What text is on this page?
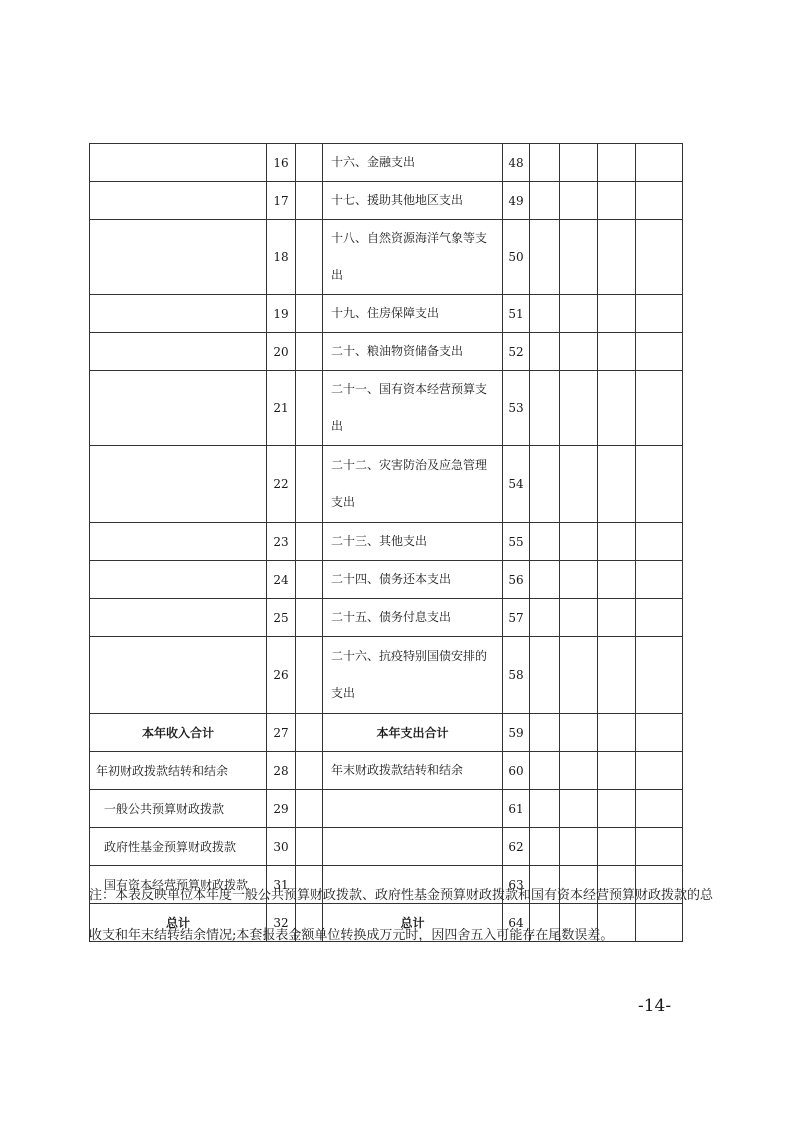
	16		十六、金融支出	48				
	17		十七、援助其他地区支出	49				
	18		十八、自然资源海洋气象等支出	50				
	19		十九、住房保障支出	51				
	20		二十、粮油物资储备支出	52				
	21		二十一、国有资本经营预算支出	53				
	22		二十二、灾害防治及应急管理支出	54				
	23		二十三、其他支出	55				
	24		二十四、债务还本支出	56				
	25		二十五、债务付息支出	57				
	26		二十六、抗疫特别国债安排的支出	58				
本年收入合计	27		本年支出合计	59				
年初财政拨款结转和结余	28		年末财政拨款结转和结余	60				
一般公共预算财政拨款	29			61				
政府性基金预算财政拨款	30			62				
国有资本经营预算财政拨款	31			63				
总计	32		总计	64				
注：本表反映单位本年度一般公共预算财政拨款、政府性基金预算财政拨款和国有资本经营预算财政拨款的总
收支和年末结转结余情况;本套报表金额单位转换成万元时，因四舍五入可能存在尾数误差。
-14-
